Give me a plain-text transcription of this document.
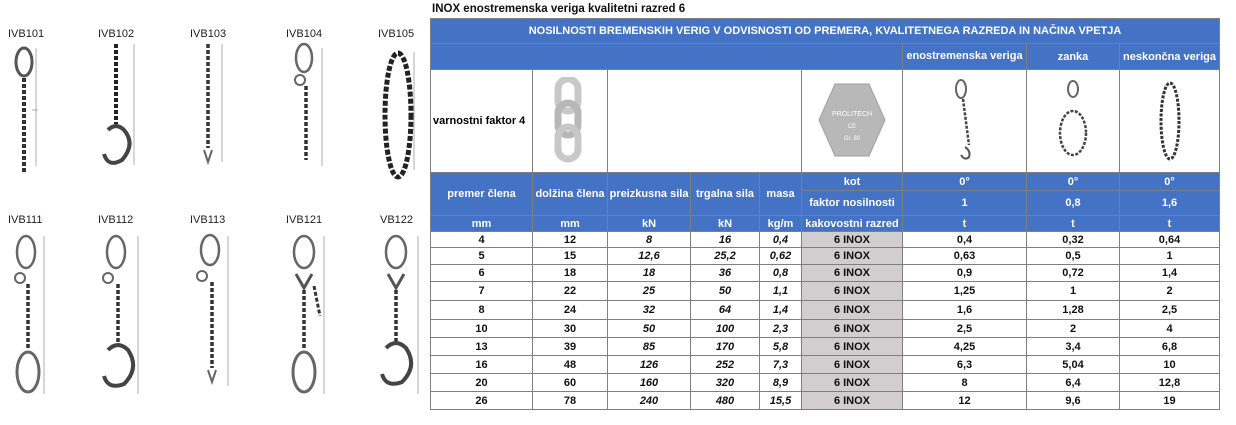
IVB101	IVB102	IVB103	IVB104	IVB105
IVB111	IVB112	IVB113	IVB121	VB122
INOX enostremenska veriga kvalitetni razred 6
NOSILNOSTI BREMENSKIH VERIG V ODVISNOSTI OD PREMERA, KVALITETNEGA RAZREDA IN NAČINA VPETJA								
						enostremenska veriga	zanka	neskončna veriga
varnostni faktor 4					PROLITECH
CE
Gr. 80

premer člena	dolžina člena	preizkusna sila	trgalna sila	masa	kot	0°	0°	0°
					faktor nosilnosti	1	0,8	1,6
mm	mm	kN	kN	kg/m	kakovostni razred	t	t	t
4	12	8	16	0,4	6 INOX	0,4	0,32	0,64
5	15	12,6	25,2	0,62	6 INOX	0,63	0,5	1
6	18	18	36	0,8	6 INOX	0,9	0,72	1,4
7	22	25	50	1,1	6 INOX	1,25	1	2
8	24	32	64	1,4	6 INOX	1,6	1,28	2,5
10	30	50	100	2,3	6 INOX	2,5	2	4
13	39	85	170	5,8	6 INOX	4,25	3,4	6,8
16	48	126	252	7,3	6 INOX	6,3	5,04	10
20	60	160	320	8,9	6 INOX	8	6,4	12,8
26	78	240	480	15,5	6 INOX	12	9,6	19
